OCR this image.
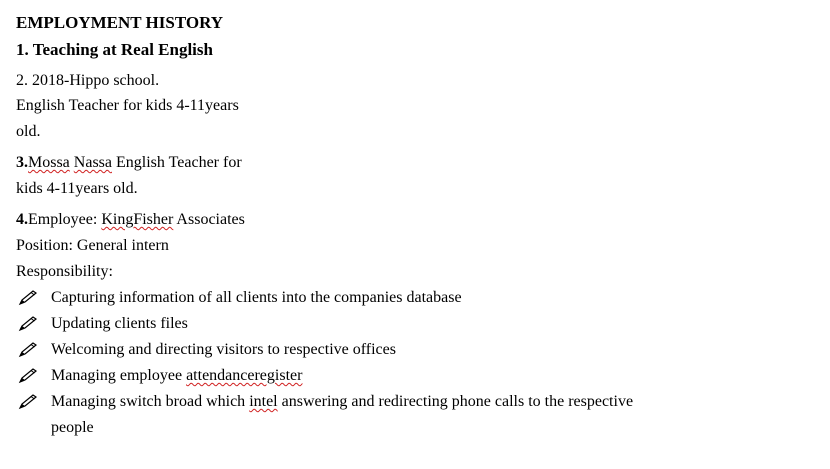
EMPLOYMENT HISTORY
1. Teaching at Real English
2. 2018-Hippo school.
English Teacher for kids 4-11years
old.
3.Mossa Nassa English Teacher for
kids 4-11years old.
4.Employee: KingFisher Associates
Position: General intern
Responsibility:
Capturing information of all clients into the companies database
Updating clients files
Welcoming and directing visitors to respective offices
Managing employee attendanceregister
Managing switch broad which intel answering and redirecting phone calls to the respective
people
